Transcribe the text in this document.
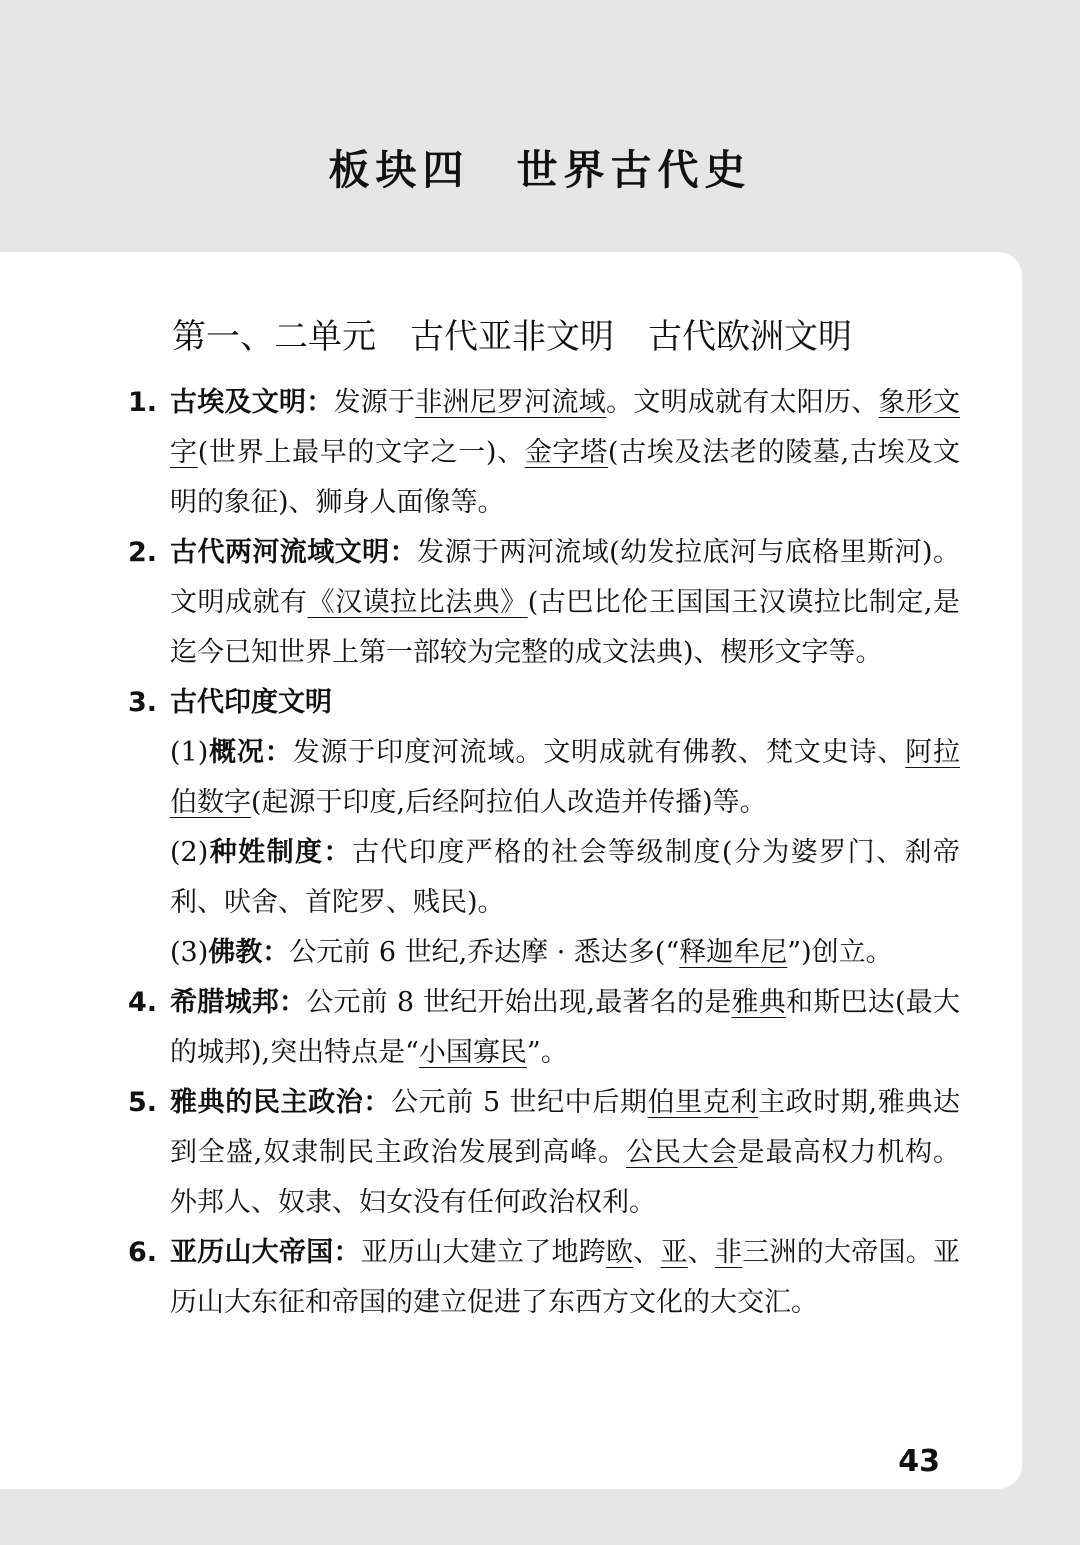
板块四　世界古代史
第一、二单元　古代亚非文明　古代欧洲文明
1. 古埃及文明：发源于非洲尼罗河流域。文明成就有太阳历、象形文字(世界上最早的文字之一)、金字塔(古埃及法老的陵墓,古埃及文明的象征)、狮身人面像等。
2. 古代两河流域文明：发源于两河流域(幼发拉底河与底格里斯河)。文明成就有《汉谟拉比法典》(古巴比伦王国国王汉谟拉比制定,是迄今已知世界上第一部较为完整的成文法典)、楔形文字等。
3. 古代印度文明
(1)概况：发源于印度河流域。文明成就有佛教、梵文史诗、阿拉伯数字(起源于印度,后经阿拉伯人改造并传播)等。
(2)种姓制度：古代印度严格的社会等级制度(分为婆罗门、刹帝利、吠舍、首陀罗、贱民)。
(3)佛教：公元前 6 世纪,乔达摩 · 悉达多(“释迦牟尼”)创立。
4. 希腊城邦：公元前 8 世纪开始出现,最著名的是雅典和斯巴达(最大的城邦),突出特点是“小国寡民”。
5. 雅典的民主政治：公元前 5 世纪中后期伯里克利主政时期,雅典达到全盛,奴隶制民主政治发展到高峰。公民大会是最高权力机构。外邦人、奴隶、妇女没有任何政治权利。
6. 亚历山大帝国：亚历山大建立了地跨欧、亚、非三洲的大帝国。亚历山大东征和帝国的建立促进了东西方文化的大交汇。
43
